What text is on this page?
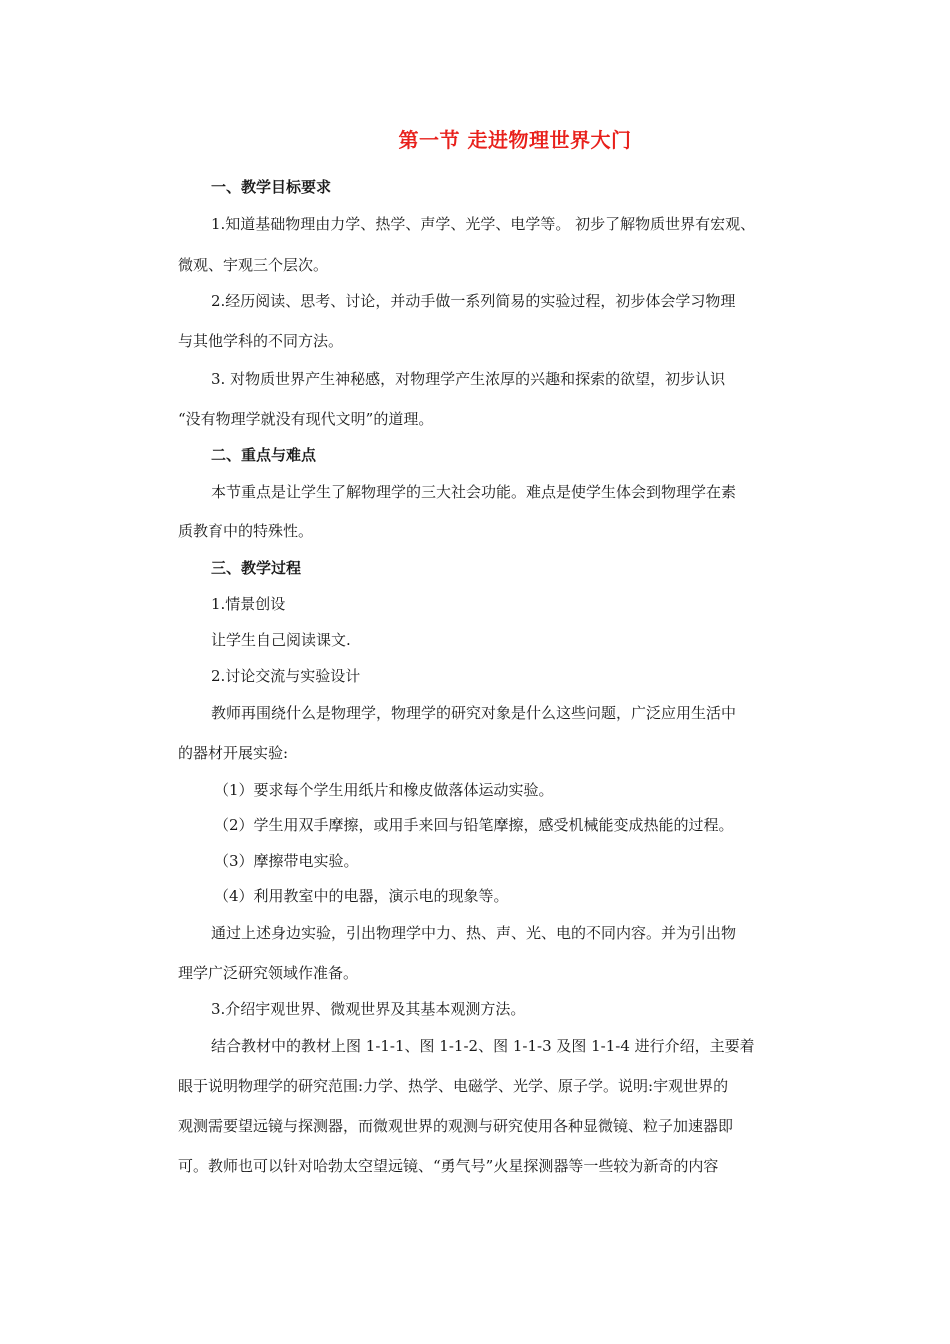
第一节 走进物理世界大门
一、教学目标要求
1.知道基础物理由力学、热学、声学、光学、电学等。 初步了解物质世界有宏观、
微观、宇观三个层次。
2.经历阅读、思考、讨论，并动手做一系列简易的实验过程，初步体会学习物理
与其他学科的不同方法。
3. 对物质世界产生神秘感，对物理学产生浓厚的兴趣和探索的欲望，初步认识
“没有物理学就没有现代文明”的道理。
二、重点与难点
本节重点是让学生了解物理学的三大社会功能。难点是使学生体会到物理学在素
质教育中的特殊性。
三、教学过程
1.情景创设
让学生自己阅读课文.
2.讨论交流与实验设计
教师再围绕什么是物理学，物理学的研究对象是什么这些问题，广泛应用生活中
的器材开展实验:
（1）要求每个学生用纸片和橡皮做落体运动实验。
（2）学生用双手摩擦，或用手来回与铅笔摩擦，感受机械能变成热能的过程。
（3）摩擦带电实验。
（4）利用教室中的电器，演示电的现象等。
通过上述身边实验，引出物理学中力、热、声、光、电的不同内容。并为引出物
理学广泛研究领域作准备。
3.介绍宇观世界、微观世界及其基本观测方法。
结合教材中的教材上图 1-1-1、图 1-1-2、图 1-1-3 及图 1-1-4 进行介绍，主要着
眼于说明物理学的研究范围:力学、热学、电磁学、光学、原子学。说明:宇观世界的
观测需要望远镜与探测器，而微观世界的观测与研究使用各种显微镜、粒子加速器即
可。教师也可以针对哈勃太空望远镜、“勇气号”火星探测器等一些较为新奇的内容
